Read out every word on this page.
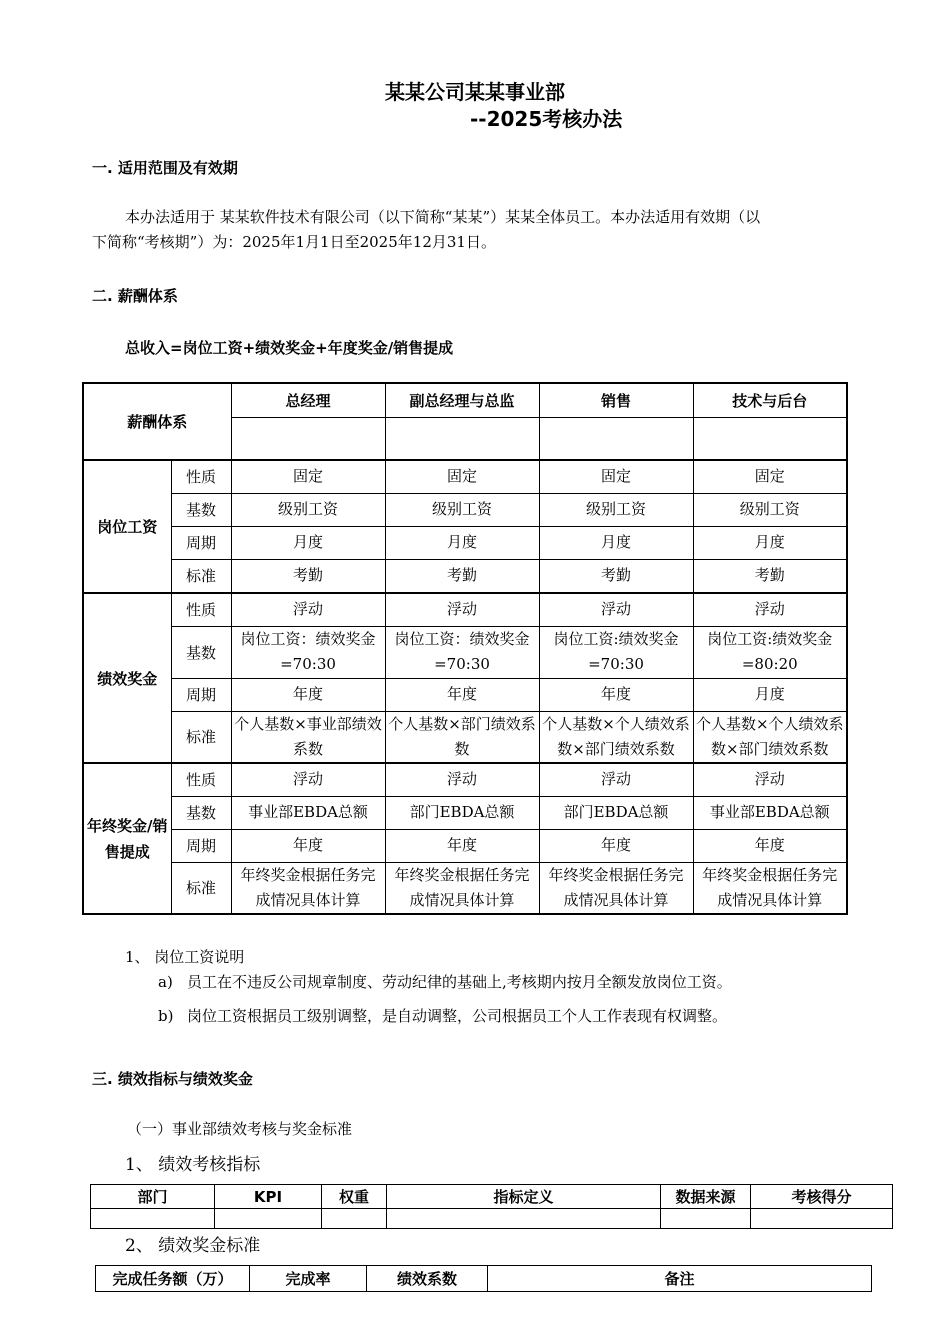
某某公司某某事业部
--2025考核办法
一. 适用范围及有效期
本办法适用于 某某软件技术有限公司（以下简称“某某”）某某全体员工。本办法适用有效期（以
下简称“考核期”）为：2025年1月1日至2025年12月31日。
二. 薪酬体系
总收入=岗位工资+绩效奖金+年度奖金/销售提成
薪酬体系		总经理	副总经理与总监	销售	技术与后台

岗位工资	性质	固定	固定	固定	固定
	基数	级别工资	级别工资	级别工资	级别工资
	周期	月度	月度	月度	月度
	标准	考勤	考勤	考勤	考勤
绩效奖金	性质	浮动	浮动	浮动	浮动
	基数	岗位工资：绩效奖金=70:30	岗位工资：绩效奖金=70:30	岗位工资:绩效奖金=70:30	岗位工资:绩效奖金=80:20
	周期	年度	年度	年度	月度
	标准	个人基数×事业部绩效系数	个人基数×部门绩效系数	个人基数×个人绩效系数×部门绩效系数	个人基数×个人绩效系数×部门绩效系数
年终奖金/销售提成	性质	浮动	浮动	浮动	浮动
	基数	事业部EBDA总额	部门EBDA总额	部门EBDA总额	事业部EBDA总额
	周期	年度	年度	年度	年度
	标准	年终奖金根据任务完成情况具体计算	年终奖金根据任务完成情况具体计算	年终奖金根据任务完成情况具体计算	年终奖金根据任务完成情况具体计算
1、 岗位工资说明
a) 员工在不违反公司规章制度、劳动纪律的基础上,考核期内按月全额发放岗位工资。
b) 岗位工资根据员工级别调整，是自动调整，公司根据员工个人工作表现有权调整。
三. 绩效指标与绩效奖金
（一）事业部绩效考核与奖金标准
1、 绩效考核指标
部门	KPI	权重	指标定义	数据来源	考核得分

2、 绩效奖金标准
完成任务额（万）	完成率	绩效系数	备注
